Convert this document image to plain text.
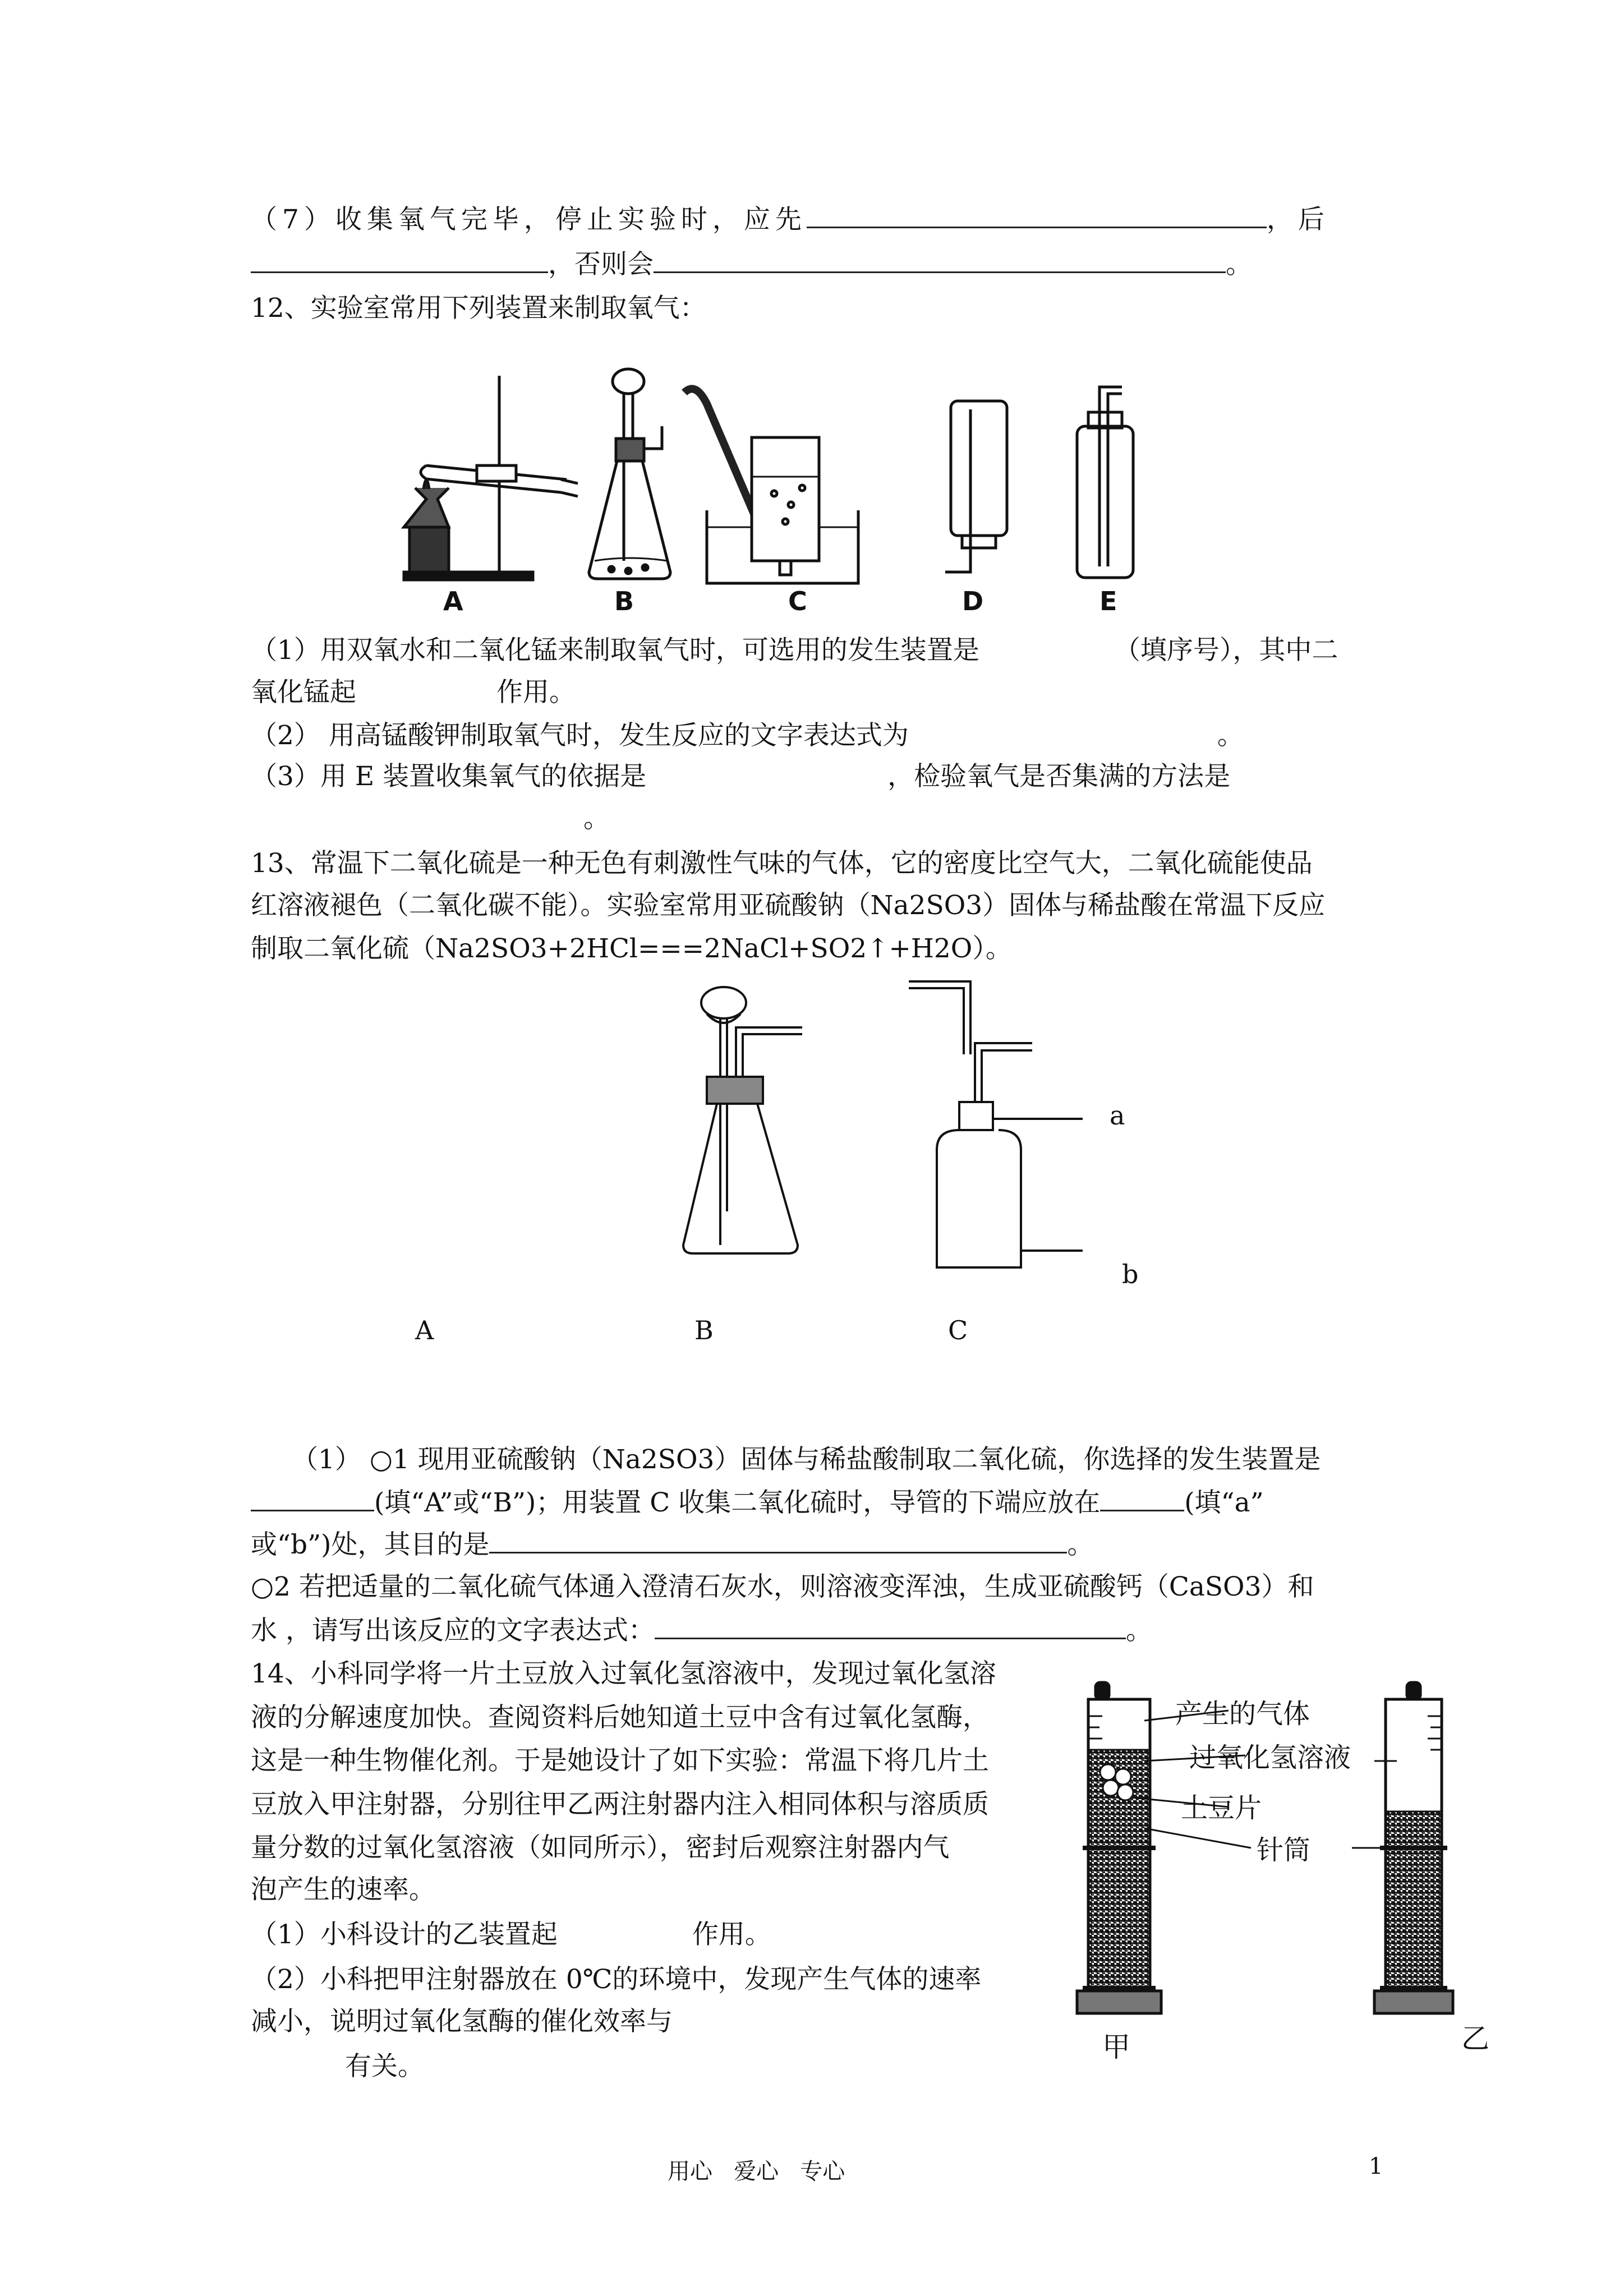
（7）收集氧气完毕，停止实验时，应先	，后
，否则会	。
12、实验室常用下列装置来制取氧气：
A	B	C	D	E
（1）用双氧水和二氧化锰来制取氧气时，可选用的发生装置是	（填序号），其中二
氧化锰起	作用。
（2） 用高锰酸钾制取氧气时，发生反应的文字表达式为	。
（3）用 E 装置收集氧气的依据是	，检验氧气是否集满的方法是
。
13、常温下二氧化硫是一种无色有刺激性气味的气体，它的密度比空气大，二氧化硫能使品
红溶液褪色（二氧化碳不能）。实验室常用亚硫酸钠（Na2SO3）固体与稀盐酸在常温下反应
制取二氧化硫（Na2SO3+2HCl===2NaCl+SO2↑+H2O）。
a
b
A	B	C
（1） ○1 现用亚硫酸钠（Na2SO3）固体与稀盐酸制取二氧化硫，你选择的发生装置是
(填“A”或“B”)；用装置 C 收集二氧化硫时，导管的下端应放在	(填“a”
或“b”)处，其目的是	。
○2 若把适量的二氧化硫气体通入澄清石灰水，则溶液变浑浊，生成亚硫酸钙（CaSO3）和
水 ，请写出该反应的文字表达式：	。
14、小科同学将一片土豆放入过氧化氢溶液中，发现过氧化氢溶
液的分解速度加快。查阅资料后她知道土豆中含有过氧化氢酶，
这是一种生物催化剂。于是她设计了如下实验：常温下将几片土
豆放入甲注射器，分别往甲乙两注射器内注入相同体积与溶质质
量分数的过氧化氢溶液（如同所示），密封后观察注射器内气
泡产生的速率。
（1）小科设计的乙装置起	作用。
（2）小科把甲注射器放在 0℃的环境中，发现产生气体的速率
减小，说明过氧化氢酶的催化效率与
有关。
产生的气体
过氧化氢溶液
土豆片
针筒
甲	乙
用心   爱心   专心	1
